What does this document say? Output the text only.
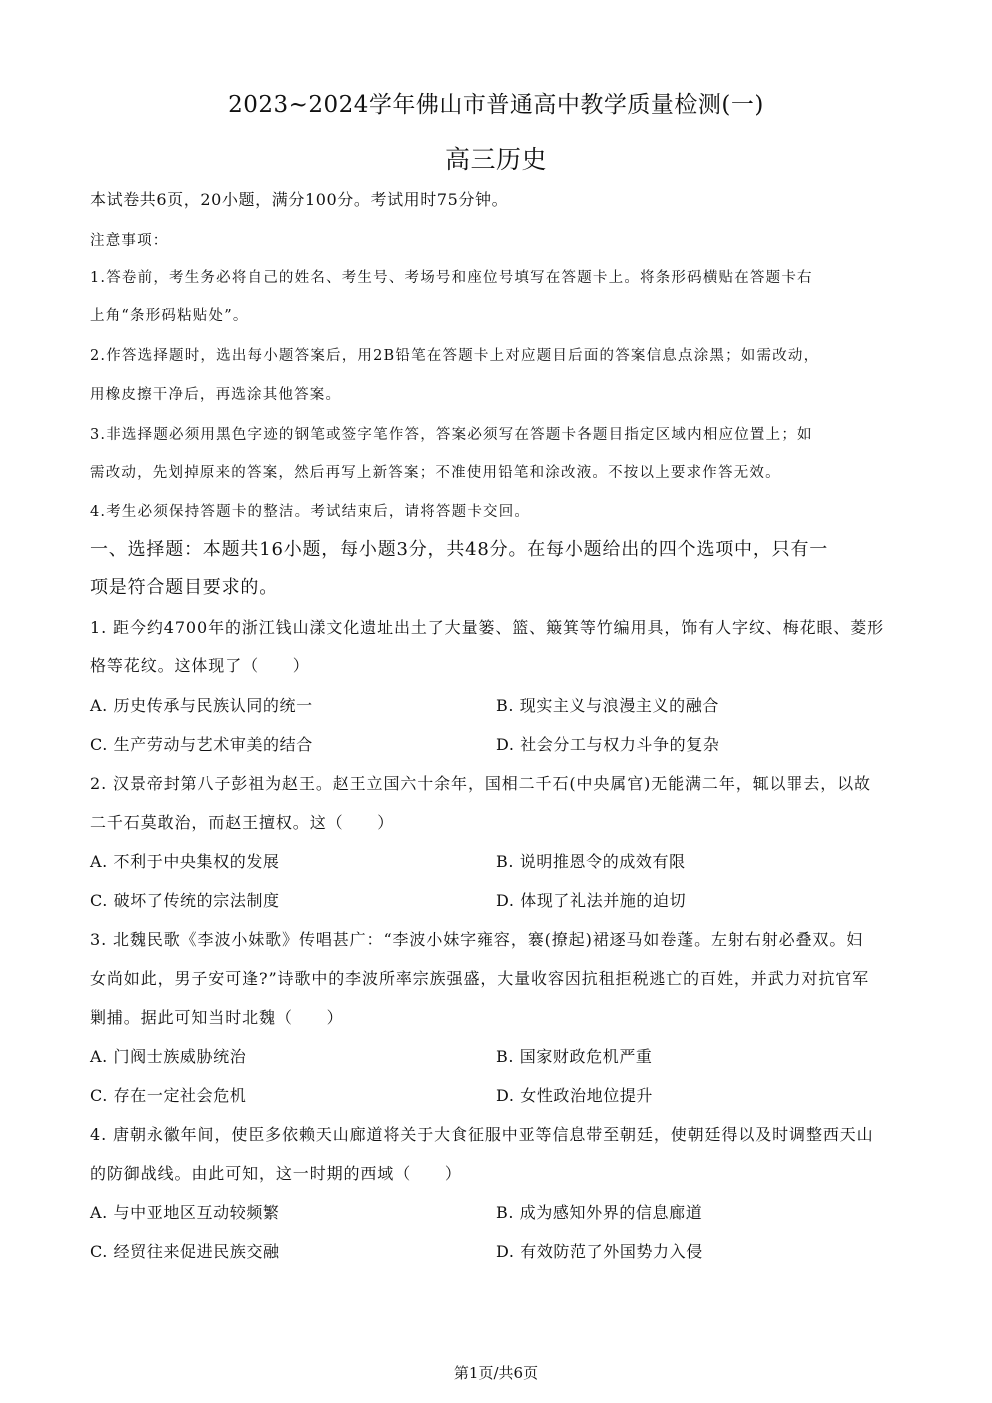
2023~2024学年佛山市普通高中教学质量检测(一)
高三历史
本试卷共6页，20小题，满分100分。考试用时75分钟。
注意事项：
1.答卷前，考生务必将自己的姓名、考生号、考场号和座位号填写在答题卡上。将条形码横贴在答题卡右
上角“条形码粘贴处”。
2.作答选择题时，选出每小题答案后，用2B铅笔在答题卡上对应题目后面的答案信息点涂黑；如需改动，
用橡皮擦干净后，再选涂其他答案。
3.非选择题必须用黑色字迹的钢笔或签字笔作答，答案必须写在答题卡各题目指定区域内相应位置上；如
需改动，先划掉原来的答案，然后再写上新答案；不准使用铅笔和涂改液。不按以上要求作答无效。
4.考生必须保持答题卡的整洁。考试结束后，请将答题卡交回。
一、选择题：本题共16小题，每小题3分，共48分。在每小题给出的四个选项中，只有一
项是符合题目要求的。
1. 距今约4700年的浙江钱山漾文化遗址出土了大量篓、篮、簸箕等竹编用具，饰有人字纹、梅花眼、菱形
格等花纹。这体现了（　　）
A. 历史传承与民族认同的统一	B. 现实主义与浪漫主义的融合
C. 生产劳动与艺术审美的结合	D. 社会分工与权力斗争的复杂
2. 汉景帝封第八子彭祖为赵王。赵王立国六十余年，国相二千石(中央属官)无能满二年，辄以罪去，以故
二千石莫敢治，而赵王擅权。这（　　）
A. 不利于中央集权的发展	B. 说明推恩令的成效有限
C. 破坏了传统的宗法制度	D. 体现了礼法并施的迫切
3. 北魏民歌《李波小妹歌》传唱甚广：“李波小妹字雍容，褰(撩起)裙逐马如卷蓬。左射右射必叠双。妇
女尚如此，男子安可逢?”诗歌中的李波所率宗族强盛，大量收容因抗租拒税逃亡的百姓，并武力对抗官军
剿捕。据此可知当时北魏（　　）
A. 门阀士族威胁统治	B. 国家财政危机严重
C. 存在一定社会危机	D. 女性政治地位提升
4. 唐朝永徽年间，使臣多依赖天山廊道将关于大食征服中亚等信息带至朝廷，使朝廷得以及时调整西天山
的防御战线。由此可知，这一时期的西域（　　）
A. 与中亚地区互动较频繁	B. 成为感知外界的信息廊道
C. 经贸往来促进民族交融	D. 有效防范了外国势力入侵
第1页/共6页
